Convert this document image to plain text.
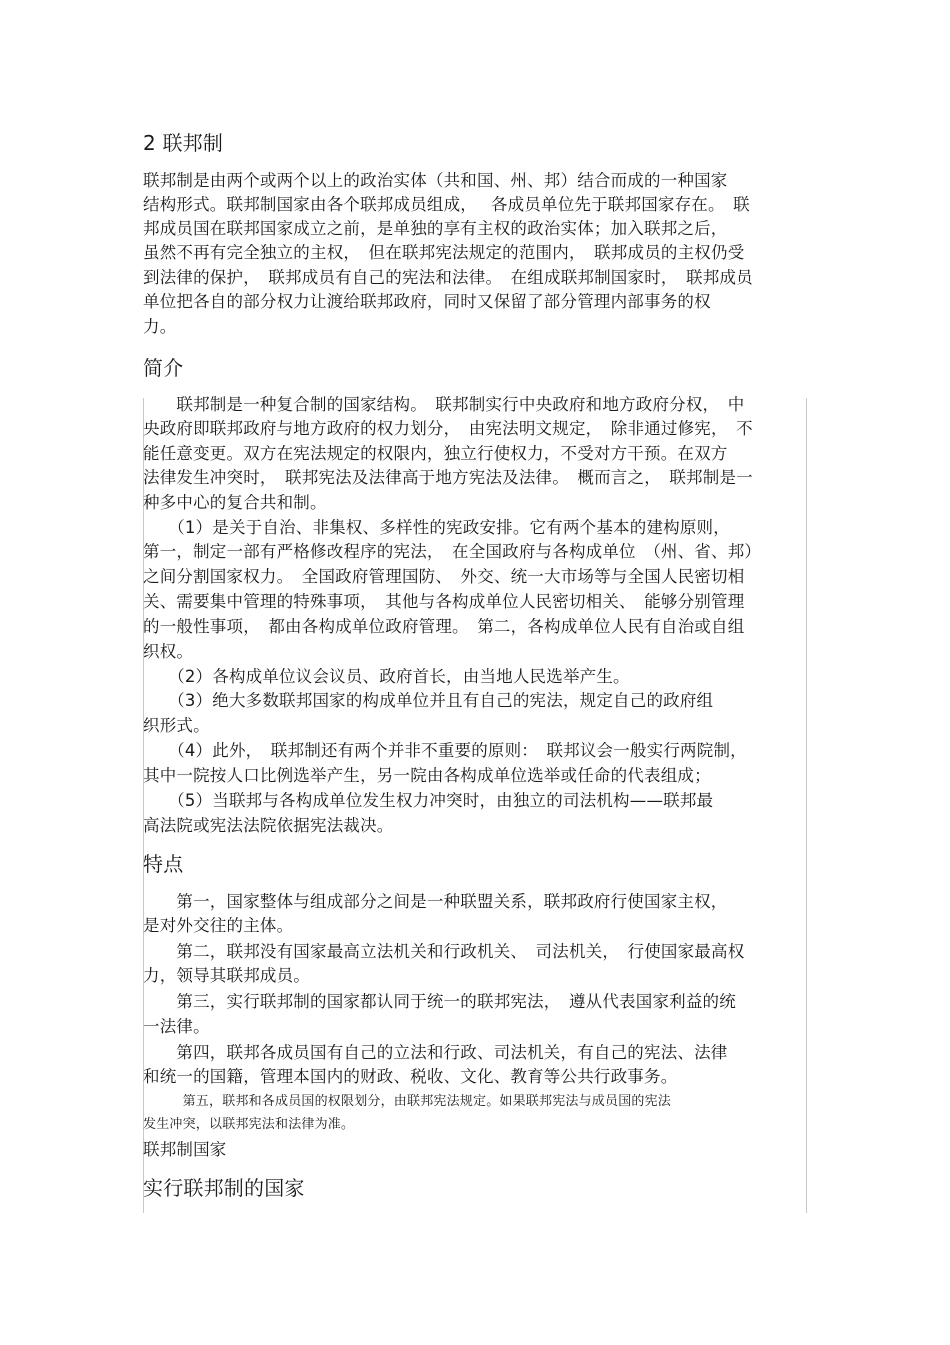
2 联邦制
联邦制是由两个或两个以上的政治实体（共和国、州、邦）结合而成的一种国家
结构形式。联邦制国家由各个联邦成员组成，　 各成员单位先于联邦国家存在。　联
邦成员国在联邦国家成立之前，是单独的享有主权的政治实体；加入联邦之后，
虽然不再有完全独立的主权，　但在联邦宪法规定的范围内，　联邦成员的主权仍受
到法律的保护，　联邦成员有自己的宪法和法律。　在组成联邦制国家时，　联邦成员
单位把各自的部分权力让渡给联邦政府，同时又保留了部分管理内部事务的权
力。
简介
　　联邦制是一种复合制的国家结构。　联邦制实行中央政府和地方政府分权，　中
央政府即联邦政府与地方政府的权力划分，　由宪法明文规定，　除非通过修宪，　不
能任意变更。双方在宪法规定的权限内，独立行使权力，不受对方干预。在双方
法律发生冲突时，　联邦宪法及法律高于地方宪法及法律。　概而言之，　联邦制是一
种多中心的复合共和制。
　　（1）是关于自治、非集权、多样性的宪政安排。它有两个基本的建构原则，
第一，制定一部有严格修改程序的宪法，　在全国政府与各构成单位　（州、省、邦）
之间分割国家权力。　全国政府管理国防、　外交、统一大市场等与全国人民密切相
关、需要集中管理的特殊事项，　其他与各构成单位人民密切相关、　能够分别管理
的一般性事项，　都由各构成单位政府管理。　第二，各构成单位人民有自治或自组
织权。
　　（2）各构成单位议会议员、政府首长，由当地人民选举产生。
　　（3）绝大多数联邦国家的构成单位并且有自己的宪法，规定自己的政府组
织形式。
　　（4）此外，　联邦制还有两个并非不重要的原则：　联邦议会一般实行两院制，
其中一院按人口比例选举产生，另一院由各构成单位选举或任命的代表组成；
　　（5）当联邦与各构成单位发生权力冲突时，由独立的司法机构——联邦最
高法院或宪法法院依据宪法裁决。
特点
　　第一，国家整体与组成部分之间是一种联盟关系，联邦政府行使国家主权，
是对外交往的主体。
　　第二，联邦没有国家最高立法机关和行政机关、　司法机关，　行使国家最高权
力，领导其联邦成员。
　　第三，实行联邦制的国家都认同于统一的联邦宪法，　遵从代表国家利益的统
一法律。
　　第四，联邦各成员国有自己的立法和行政、司法机关，有自己的宪法、法律
和统一的国籍，管理本国内的财政、税收、文化、教育等公共行政事务。
　　　第五，联邦和各成员国的权限划分，由联邦宪法规定。如果联邦宪法与成员国的宪法
发生冲突，以联邦宪法和法律为准。
联邦制国家
实行联邦制的国家
